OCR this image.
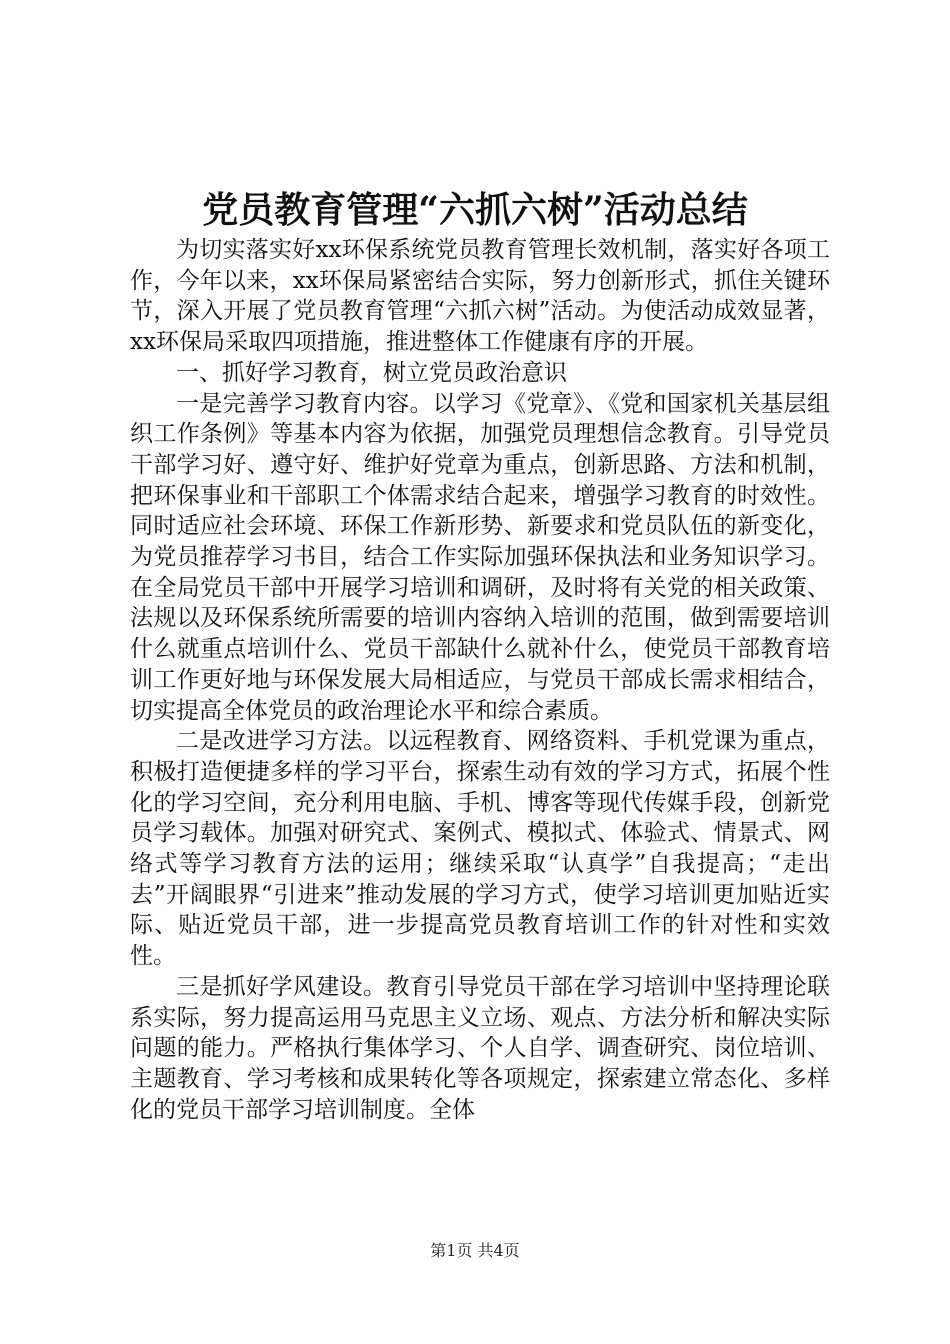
党员教育管理“六抓六树”活动总结

为切实落实好xx环保系统党员教育管理长效机制，落实好各项工作，今年以来，xx环保局紧密结合实际，努力创新形式，抓住关键环节，深入开展了党员教育管理“六抓六树”活动。为使活动成效显著，xx环保局采取四项措施，推进整体工作健康有序的开展。

一、抓好学习教育，树立党员政治意识

一是完善学习教育内容。以学习《党章》、《党和国家机关基层组织工作条例》等基本内容为依据，加强党员理想信念教育。引导党员干部学习好、遵守好、维护好党章为重点，创新思路、方法和机制，把环保事业和干部职工个体需求结合起来，增强学习教育的时效性。同时适应社会环境、环保工作新形势、新要求和党员队伍的新变化，为党员推荐学习书目，结合工作实际加强环保执法和业务知识学习。在全局党员干部中开展学习培训和调研，及时将有关党的相关政策、法规以及环保系统所需要的培训内容纳入培训的范围，做到需要培训什么就重点培训什么、党员干部缺什么就补什么，使党员干部教育培训工作更好地与环保发展大局相适应，与党员干部成长需求相结合，切实提高全体党员的政治理论水平和综合素质。

二是改进学习方法。以远程教育、网络资料、手机党课为重点，积极打造便捷多样的学习平台，探索生动有效的学习方式，拓展个性化的学习空间，充分利用电脑、手机、博客等现代传媒手段，创新党员学习载体。加强对研究式、案例式、模拟式、体验式、情景式、网络式等学习教育方法的运用；继续采取“认真学”自我提高；“走出去”开阔眼界“引进来”推动发展的学习方式，使学习培训更加贴近实际、贴近党员干部，进一步提高党员教育培训工作的针对性和实效性。

三是抓好学风建设。教育引导党员干部在学习培训中坚持理论联系实际，努力提高运用马克思主义立场、观点、方法分析和解决实际问题的能力。严格执行集体学习、个人自学、调查研究、岗位培训、主题教育、学习考核和成果转化等各项规定，探索建立常态化、多样化的党员干部学习培训制度。全体

第1页 共4页
